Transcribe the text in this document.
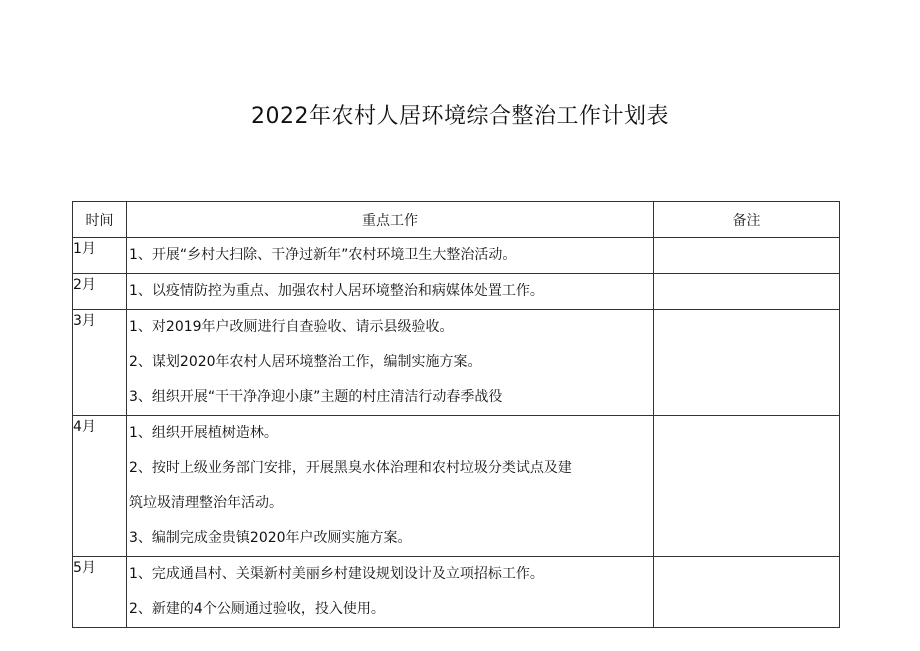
2022年农村人居环境综合整治工作计划表
时间	重点工作	备注
1月	1、开展“乡村大扫除、干净过新年”农村环境卫生大整治活动。	

2月	1、以疫情防控为重点、加强农村人居环境整治和病媒体处置工作。	

3月	1、对2019年户改厕进行自查验收、请示县级验收。
2、谋划2020年农村人居环境整治工作，编制实施方案。
3、组织开展“干干净净迎小康”主题的村庄清洁行动春季战役	

4月	1、组织开展植树造林。
2、按时上级业务部门安排，开展黑臭水体治理和农村垃圾分类试点及建
筑垃圾清理整治年活动。
3、编制完成金贵镇2020年户改厕实施方案。	

5月	1、完成通昌村、关渠新村美丽乡村建设规划设计及立项招标工作。
2、新建的4个公厕通过验收，投入使用。	
